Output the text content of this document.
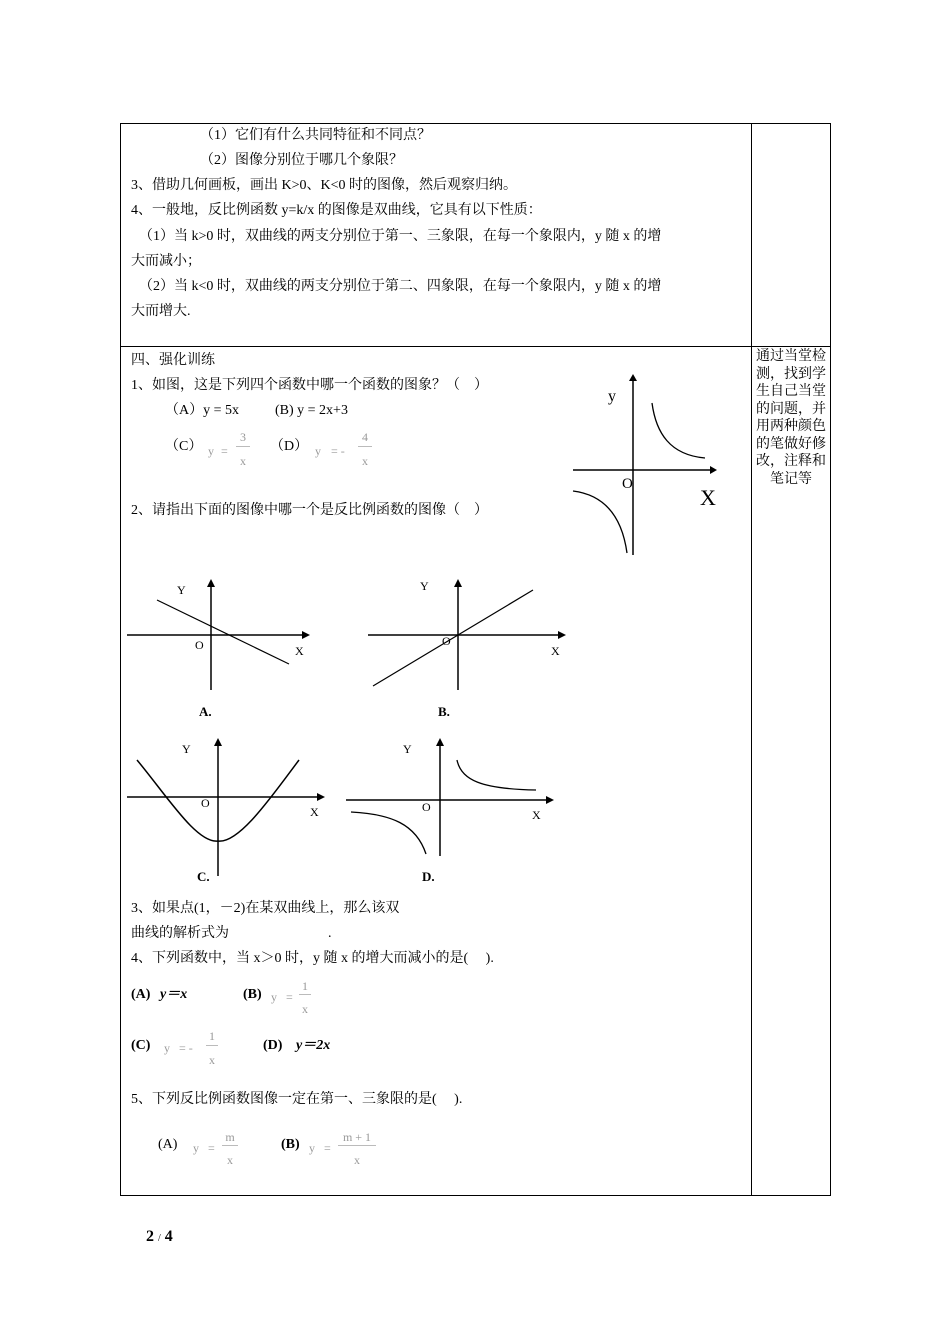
（1）它们有什么共同特征和不同点？
（2）图像分别位于哪几个象限？
3、借助几何画板，画出 K>0、K<0 时的图像，然后观察归纳。
4、一般地，反比例函数 y=k/x 的图像是双曲线，它具有以下性质：
（1）当 k>0 时，双曲线的两支分别位于第一、三象限，在每一个象限内，y 随 x 的增
大而减小；
（2）当 k<0 时，双曲线的两支分别位于第二、四象限，在每一个象限内，y 随 x 的增
大而增大.
通过当堂检测，找到学生自己当堂的问题，并用两种颜色的笔做好修改，注释和笔记等
四、强化训练
1、如图，这是下列四个函数中哪一个函数的图象？（　）
（A）y = 5x	(B) y = 2x+3
（C） y =
3
x
（D） y = -
4
x
y
O
X
2、请指出下面的图像中哪一个是反比例函数的图像（　）
Y
O	X
A.
Y
O
X
B.
Y
O
X
C.
Y
O
X
D.
3、如果点(1，－2)在某双曲线上，那么该双
曲线的解析式为	.
4、下列函数中，当 x＞0 时，y 随 x 的增大而减小的是(　 ).
(A) y＝x	(B) y =
1
x
(C) y = -
1
x
(D) y＝2x
5、下列反比例函数图像一定在第一、三象限的是(　 ).
(A) y =
m
x
(B) y =
m + 1
x
2 / 4
